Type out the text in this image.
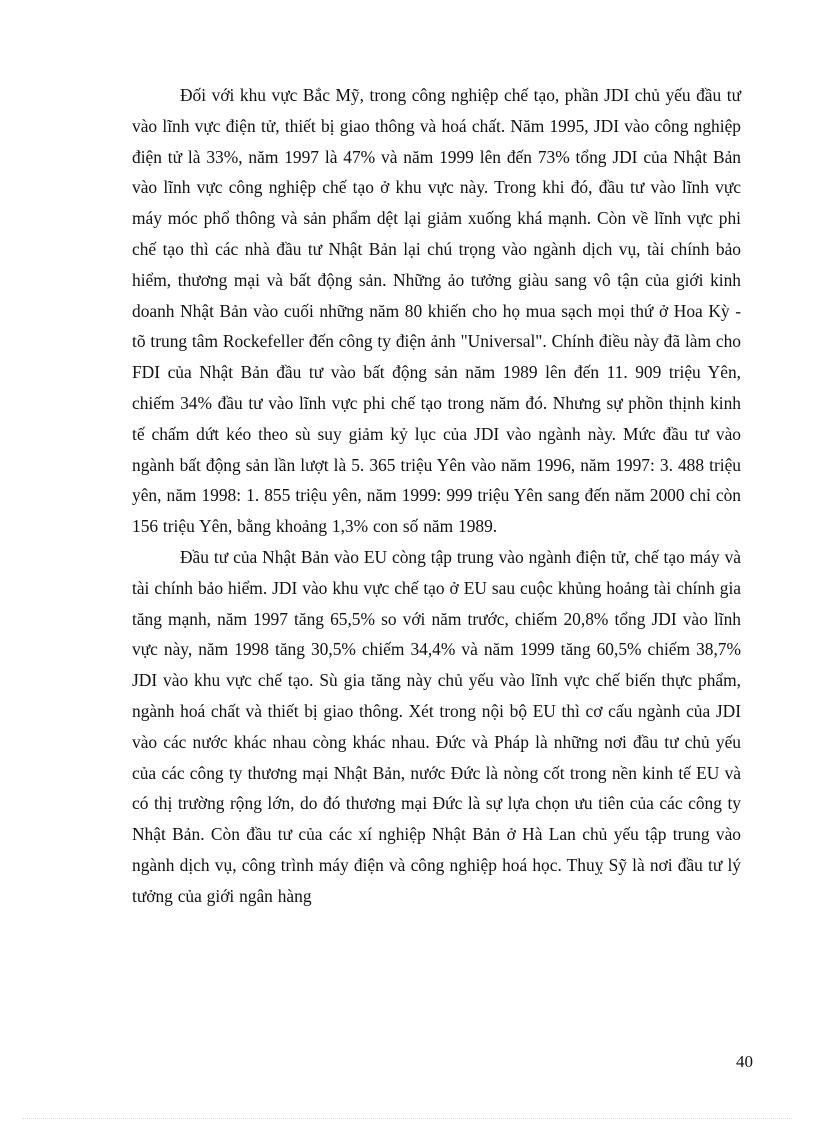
Đối với khu vực Bắc Mỹ, trong công nghiệp chế tạo, phần JDI chủ yếu đầu tư vào lĩnh vực điện tử, thiết bị giao thông và hoá chất. Năm 1995, JDI vào công nghiệp điện tử là 33%, năm 1997 là 47% và năm 1999 lên đến 73% tổng JDI của Nhật Bản vào lĩnh vực công nghiệp chế tạo ở khu vực này. Trong khi đó, đầu tư vào lĩnh vực máy móc phổ thông và sản phẩm dệt lại giảm xuống khá mạnh. Còn về lĩnh vực phi chế tạo thì các nhà đầu tư Nhật Bản lại chú trọng vào ngành dịch vụ, tài chính bảo hiểm, thương mại và bất động sản. Những ảo tưởng giàu sang vô tận của giới kinh doanh Nhật Bản vào cuối những năm 80 khiến cho họ mua sạch mọi thứ ở Hoa Kỳ - tõ trung tâm Rockefeller đến công ty điện ảnh "Universal". Chính điều này đã làm cho FDI của Nhật Bản đầu tư vào bất động sản năm 1989 lên đến 11. 909 triệu Yên, chiếm 34% đầu tư vào lĩnh vực phi chế tạo trong năm đó. Nhưng sự phồn thịnh kinh tế chấm dứt kéo theo sù suy giảm kỷ lục của JDI vào ngành này. Mức đầu tư vào ngành bất động sản lần lượt là 5. 365 triệu Yên vào năm 1996, năm 1997: 3. 488 triệu yên, năm 1998: 1. 855 triệu yên, năm 1999: 999 triệu Yên sang đến năm 2000 chỉ còn 156 triệu Yên, bằng khoảng 1,3% con số năm 1989.

Đầu tư của Nhật Bản vào EU còng tập trung vào ngành điện tử, chế tạo máy và tài chính bảo hiểm. JDI vào khu vực chế tạo ở EU sau cuộc khủng hoảng tài chính gia tăng mạnh, năm 1997 tăng 65,5% so với năm trước, chiếm 20,8% tổng JDI vào lĩnh vực này, năm 1998 tăng 30,5% chiếm 34,4% và năm 1999 tăng 60,5% chiếm 38,7% JDI vào khu vực chế tạo. Sù gia tăng này chủ yếu vào lĩnh vực chế biến thực phẩm, ngành hoá chất và thiết bị giao thông. Xét trong nội bộ EU thì cơ cấu ngành của JDI vào các nước khác nhau còng khác nhau. Đức và Pháp là những nơi đầu tư chủ yếu của các công ty thương mại Nhật Bản, nước Đức là nòng cốt trong nền kinh tế EU và có thị trường rộng lớn, do đó thương mại Đức là sự lựa chọn ưu tiên của các công ty Nhật Bản. Còn đầu tư của các xí nghiệp Nhật Bản ở Hà Lan chủ yếu tập trung vào ngành dịch vụ, công trình máy điện và công nghiệp hoá học. Thuỵ Sỹ là nơi đầu tư lý tưởng của giới ngân hàng

40
